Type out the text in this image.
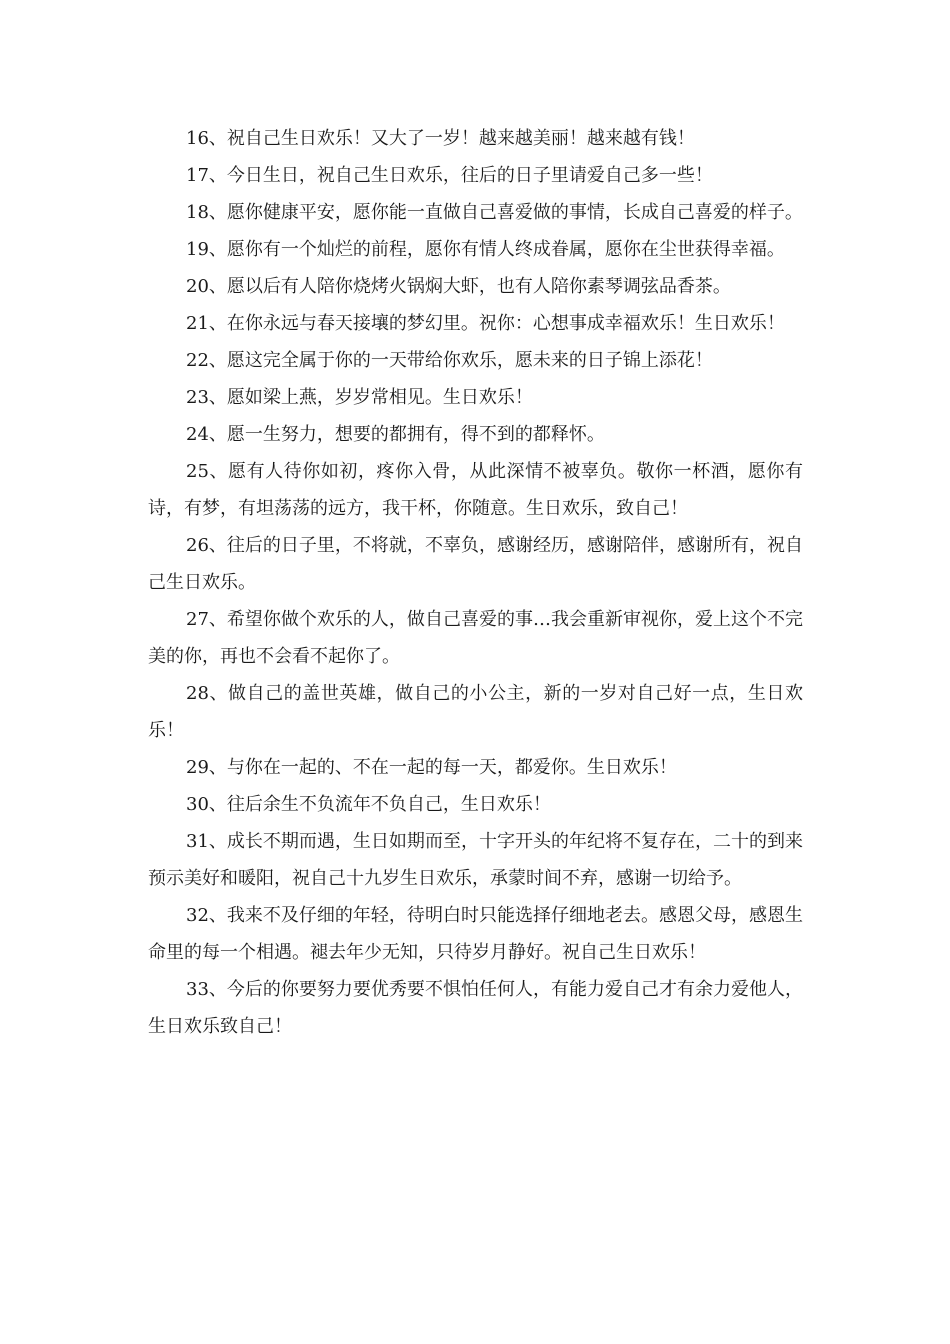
16、祝自己生日欢乐！又大了一岁！越来越美丽！越来越有钱！

17、今日生日，祝自己生日欢乐，往后的日子里请爱自己多一些！

18、愿你健康平安，愿你能一直做自己喜爱做的事情，长成自己喜爱的样子。

19、愿你有一个灿烂的前程，愿你有情人终成眷属，愿你在尘世获得幸福。

20、愿以后有人陪你烧烤火锅焖大虾，也有人陪你素琴调弦品香茶。

21、在你永远与春天接壤的梦幻里。祝你：心想事成幸福欢乐！生日欢乐！

22、愿这完全属于你的一天带给你欢乐，愿未来的日子锦上添花！

23、愿如梁上燕，岁岁常相见。生日欢乐！

24、愿一生努力，想要的都拥有，得不到的都释怀。

25、愿有人待你如初，疼你入骨，从此深情不被辜负。敬你一杯酒，愿你有诗，有梦，有坦荡荡的远方，我干杯，你随意。生日欢乐，致自己！

26、往后的日子里，不将就，不辜负，感谢经历，感谢陪伴，感谢所有，祝自己生日欢乐。

27、希望你做个欢乐的人，做自己喜爱的事…我会重新审视你，爱上这个不完美的你，再也不会看不起你了。

28、做自己的盖世英雄，做自己的小公主，新的一岁对自己好一点，生日欢乐！

29、与你在一起的、不在一起的每一天，都爱你。生日欢乐！

30、往后余生不负流年不负自己，生日欢乐！

31、成长不期而遇，生日如期而至，十字开头的年纪将不复存在，二十的到来预示美好和暖阳，祝自己十九岁生日欢乐，承蒙时间不弃，感谢一切给予。

32、我来不及仔细的年轻，待明白时只能选择仔细地老去。感恩父母，感恩生命里的每一个相遇。褪去年少无知，只待岁月静好。祝自己生日欢乐！

33、今后的你要努力要优秀要不惧怕任何人，有能力爱自己才有余力爱他人，生日欢乐致自己！
